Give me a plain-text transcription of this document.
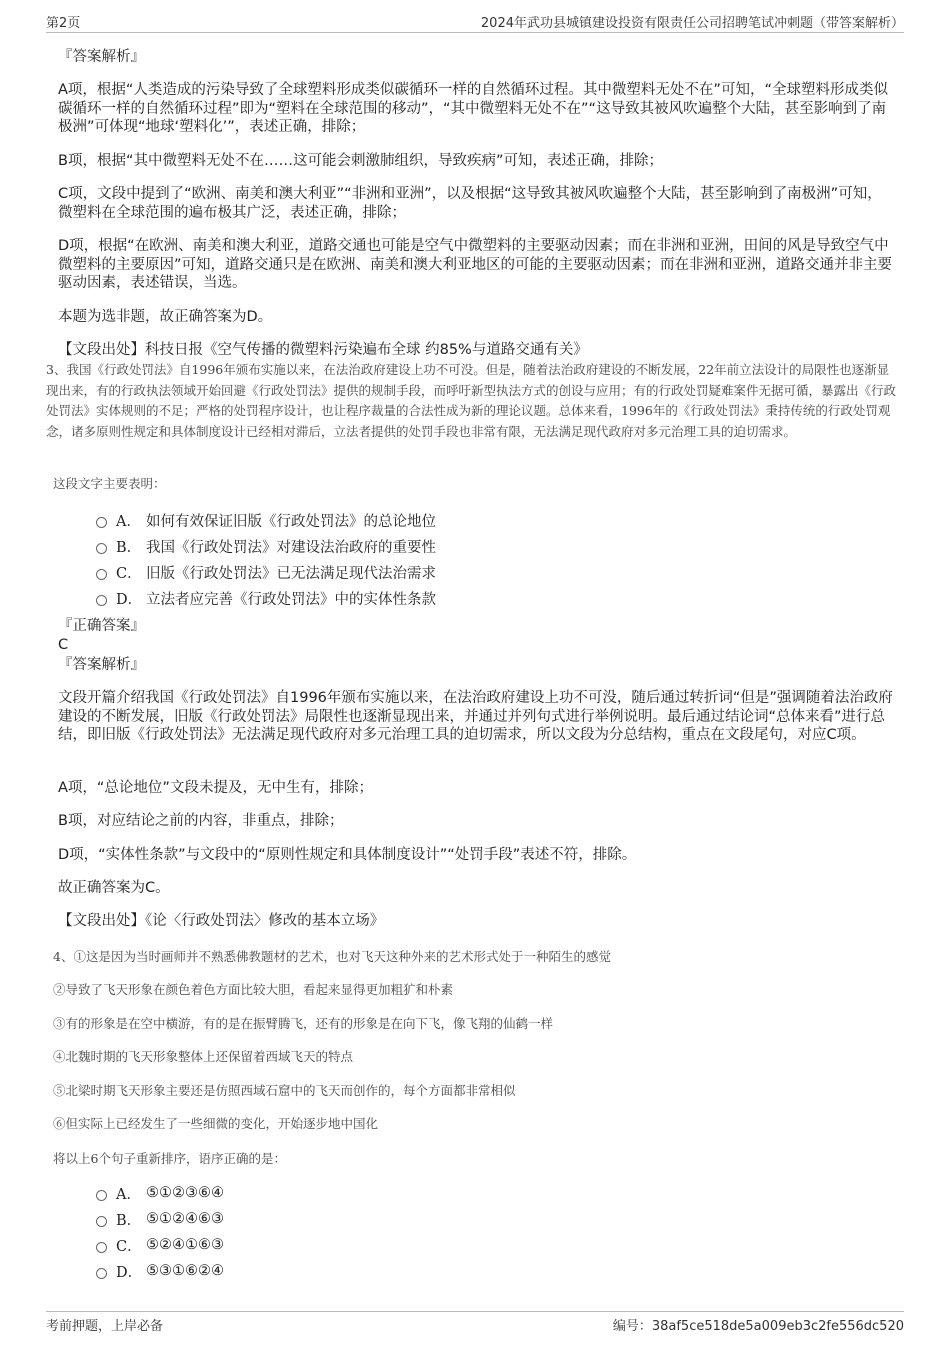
第2页	2024年武功县城镇建设投资有限责任公司招聘笔试冲刺题（带答案解析）
『答案解析』
A项，根据“人类造成的污染导致了全球塑料形成类似碳循环一样的自然循环过程。其中微塑料无处不在”可知，“全球塑料形成类似碳循环一样的自然循环过程”即为“塑料在全球范围的移动”，“其中微塑料无处不在”“这导致其被风吹遍整个大陆，甚至影响到了南极洲”可体现“地球‘塑料化’”，表述正确，排除；
B项，根据“其中微塑料无处不在……这可能会刺激肺组织，导致疾病”可知，表述正确，排除；
C项，文段中提到了“欧洲、南美和澳大利亚”“非洲和亚洲”，以及根据“这导致其被风吹遍整个大陆，甚至影响到了南极洲”可知，微塑料在全球范围的遍布极其广泛，表述正确，排除；
D项，根据“在欧洲、南美和澳大利亚，道路交通也可能是空气中微塑料的主要驱动因素；而在非洲和亚洲，田间的风是导致空气中微塑料的主要原因”可知，道路交通只是在欧洲、南美和澳大利亚地区的可能的主要驱动因素；而在非洲和亚洲，道路交通并非主要驱动因素，表述错误，当选。
本题为选非题，故正确答案为D。
【文段出处】科技日报《空气传播的微塑料污染遍布全球 约85%与道路交通有关》
3、我国《行政处罚法》自1996年颁布实施以来，在法治政府建设上功不可没。但是，随着法治政府建设的不断发展，22年前立法设计的局限性也逐渐显现出来，有的行政执法领域开始回避《行政处罚法》提供的规制手段，而呼吁新型执法方式的创设与应用；有的行政处罚疑难案件无据可循，暴露出《行政处罚法》实体规则的不足；严格的处罚程序设计，也让程序裁量的合法性成为新的理论议题。总体来看，1996年的《行政处罚法》秉持传统的行政处罚观念，诸多原则性规定和具体制度设计已经相对滞后，立法者提供的处罚手段也非常有限，无法满足现代政府对多元治理工具的迫切需求。
这段文字主要表明：
A． 如何有效保证旧版《行政处罚法》的总论地位
B． 我国《行政处罚法》对建设法治政府的重要性
C． 旧版《行政处罚法》已无法满足现代法治需求
D． 立法者应完善《行政处罚法》中的实体性条款
『正确答案』
C
『答案解析』
文段开篇介绍我国《行政处罚法》自1996年颁布实施以来，在法治政府建设上功不可没，随后通过转折词“但是”强调随着法治政府建设的不断发展，旧版《行政处罚法》局限性也逐渐显现出来，并通过并列句式进行举例说明。最后通过结论词“总体来看”进行总结，即旧版《行政处罚法》无法满足现代政府对多元治理工具的迫切需求，所以文段为分总结构，重点在文段尾句，对应C项。
A项，“总论地位”文段未提及，无中生有，排除；
B项，对应结论之前的内容，非重点，排除；
D项，“实体性条款”与文段中的“原则性规定和具体制度设计”“处罚手段”表述不符，排除。
故正确答案为C。
【文段出处】《论〈行政处罚法〉修改的基本立场》
4、①这是因为当时画师并不熟悉佛教题材的艺术，也对飞天这种外来的艺术形式处于一种陌生的感觉
②导致了飞天形象在颜色着色方面比较大胆，看起来显得更加粗犷和朴素
③有的形象是在空中横游，有的是在振臂腾飞，还有的形象是在向下飞，像飞翔的仙鹤一样
④北魏时期的飞天形象整体上还保留着西域飞天的特点
⑤北梁时期飞天形象主要还是仿照西域石窟中的飞天而创作的，每个方面都非常相似
⑥但实际上已经发生了一些细微的变化，开始逐步地中国化
将以上6个句子重新排序，语序正确的是：
A． ⑤①②③⑥④
B． ⑤①②④⑥③
C． ⑤②④①⑥③
D． ⑤③①⑥②④
考前押题，上岸必备	编号：38af5ce518de5a009eb3c2fe556dc520
